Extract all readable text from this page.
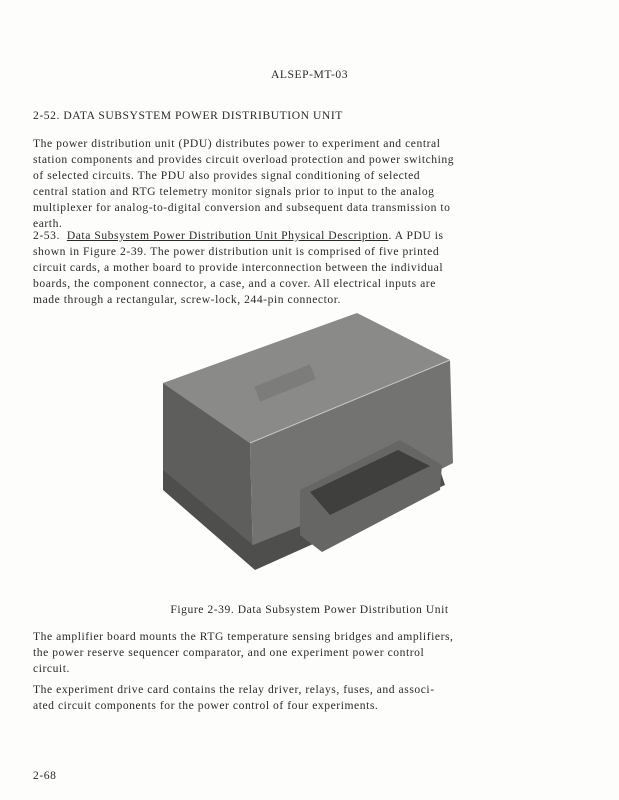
ALSEP-MT-03
2-52. DATA SUBSYSTEM POWER DISTRIBUTION UNIT
The power distribution unit (PDU) distributes power to experiment and central
station components and provides circuit overload protection and power switching
of selected circuits. The PDU also provides signal conditioning of selected
central station and RTG telemetry monitor signals prior to input to the analog
multiplexer for analog-to-digital conversion and subsequent data transmission to
earth.
2-53. Data Subsystem Power Distribution Unit Physical Description. A PDU is
shown in Figure 2-39. The power distribution unit is comprised of five printed
circuit cards, a mother board to provide interconnection between the individual
boards, the component connector, a case, and a cover. All electrical inputs are
made through a rectangular, screw-lock, 244-pin connector.
Figure 2-39. Data Subsystem Power Distribution Unit
The amplifier board mounts the RTG temperature sensing bridges and amplifiers,
the power reserve sequencer comparator, and one experiment power control
circuit.
The experiment drive card contains the relay driver, relays, fuses, and associ-
ated circuit components for the power control of four experiments.
2-68
